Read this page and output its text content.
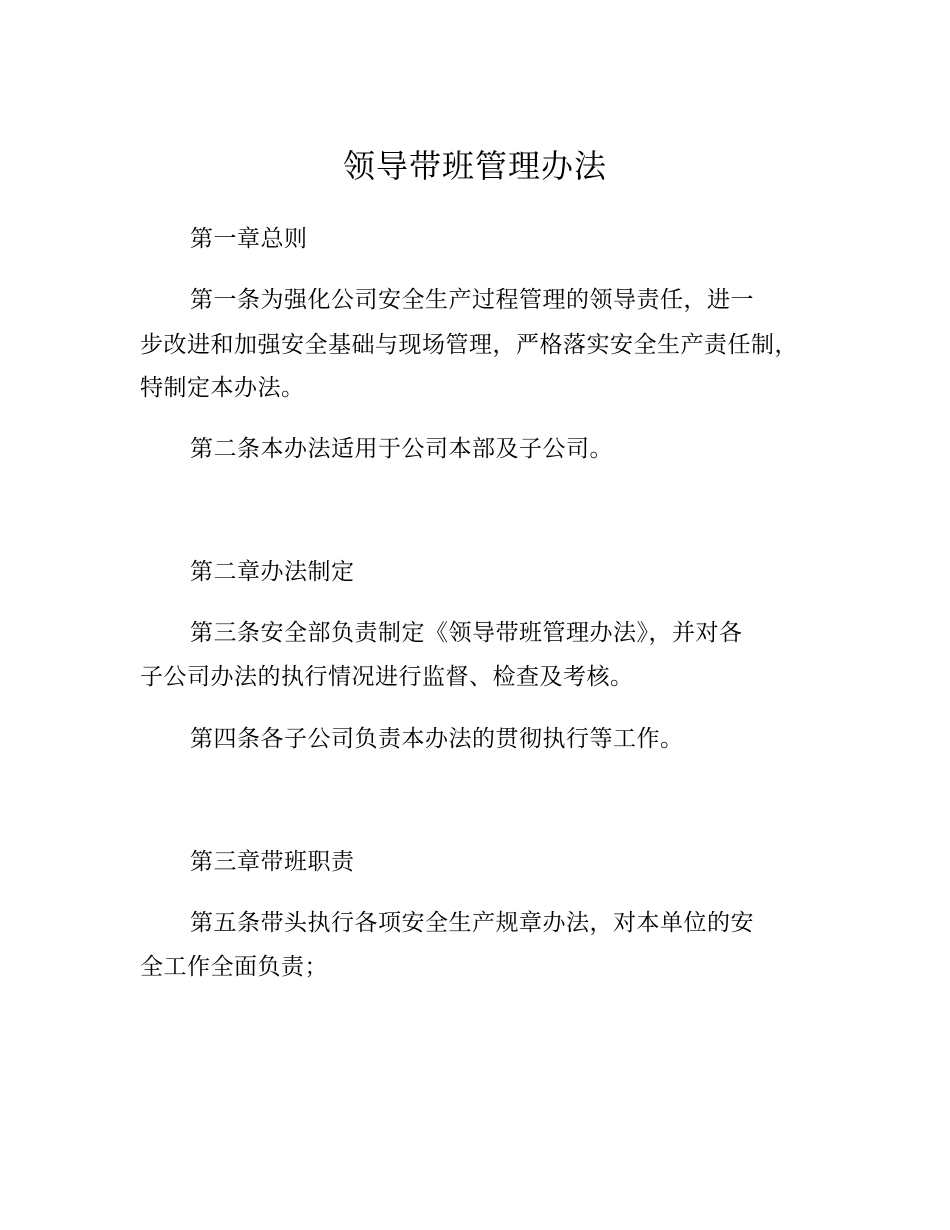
领导带班管理办法
第一章总则
第一条为强化公司安全生产过程管理的领导责任，进一
步改进和加强安全基础与现场管理，严格落实安全生产责任制，
特制定本办法。
第二条本办法适用于公司本部及子公司。
第二章办法制定
第三条安全部负责制定《领导带班管理办法》，并对各
子公司办法的执行情况进行监督、检查及考核。
第四条各子公司负责本办法的贯彻执行等工作。
第三章带班职责
第五条带头执行各项安全生产规章办法，对本单位的安
全工作全面负责；
